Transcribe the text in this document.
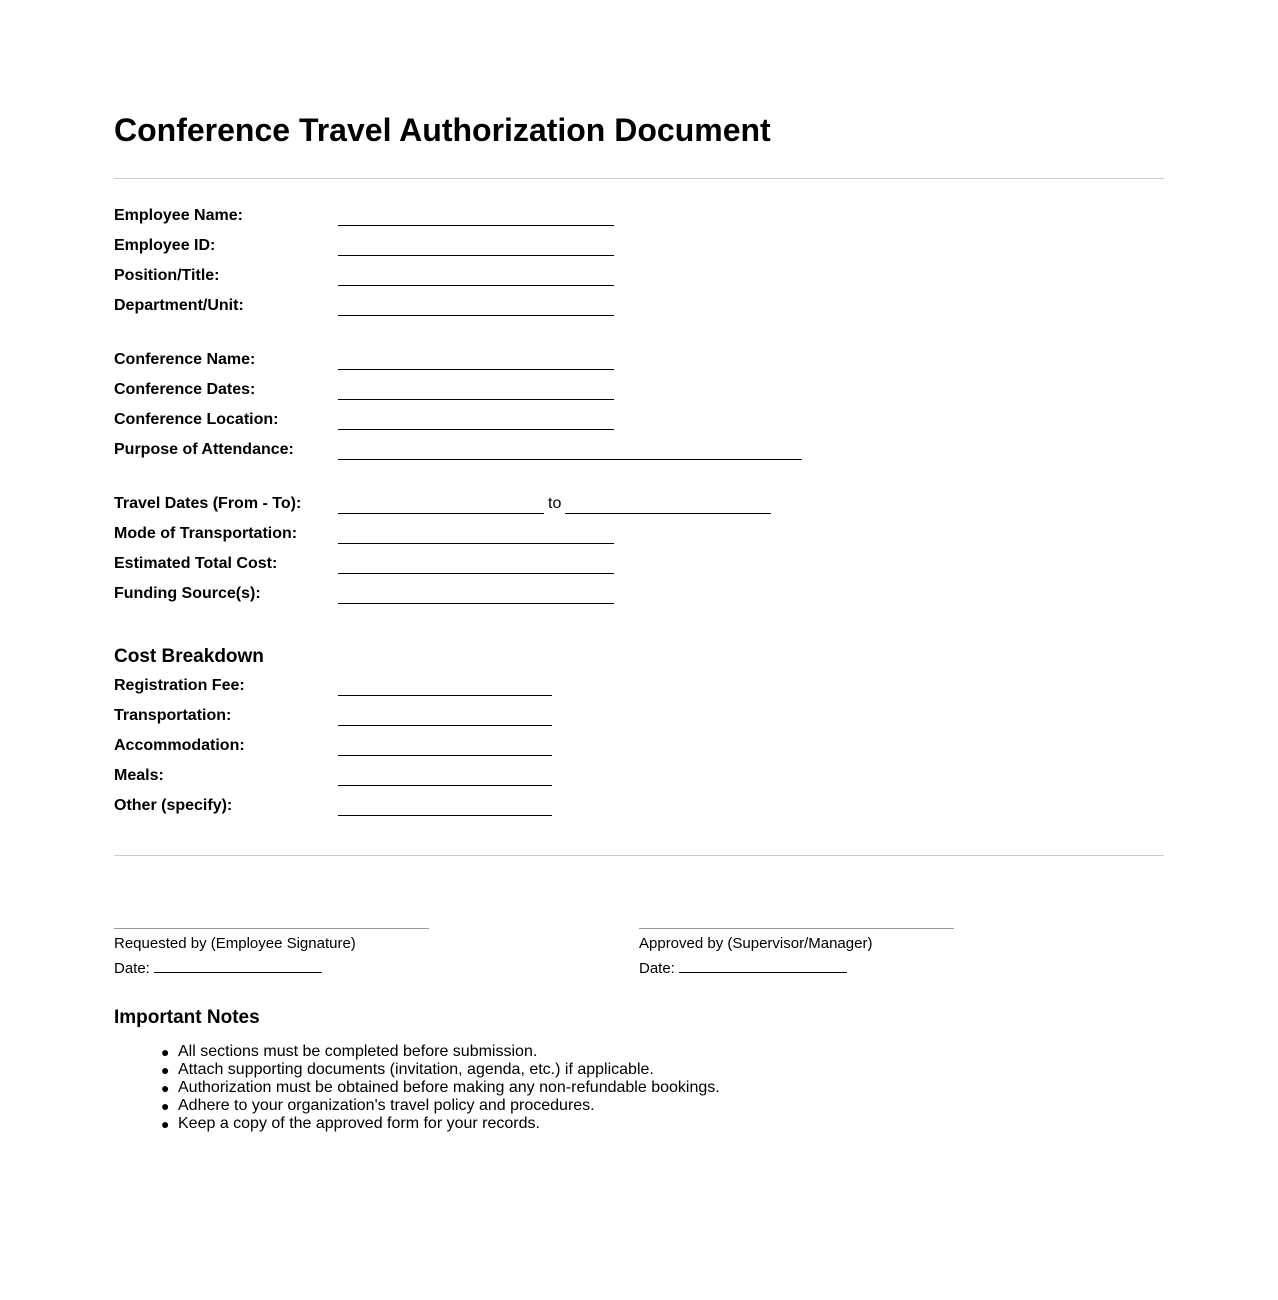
Conference Travel Authorization Document
Employee Name:
Employee ID:
Position/Title:
Department/Unit:
Conference Name:
Conference Dates:
Conference Location:
Purpose of Attendance:
Travel Dates (From - To):	to
Mode of Transportation:
Estimated Total Cost:
Funding Source(s):
Cost Breakdown
Registration Fee:
Transportation:
Accommodation:
Meals:
Other (specify):
Requested by (Employee Signature)
Date:
Approved by (Supervisor/Manager)
Date:
Important Notes
● All sections must be completed before submission.
● Attach supporting documents (invitation, agenda, etc.) if applicable.
● Authorization must be obtained before making any non-refundable bookings.
● Adhere to your organization's travel policy and procedures.
● Keep a copy of the approved form for your records.
